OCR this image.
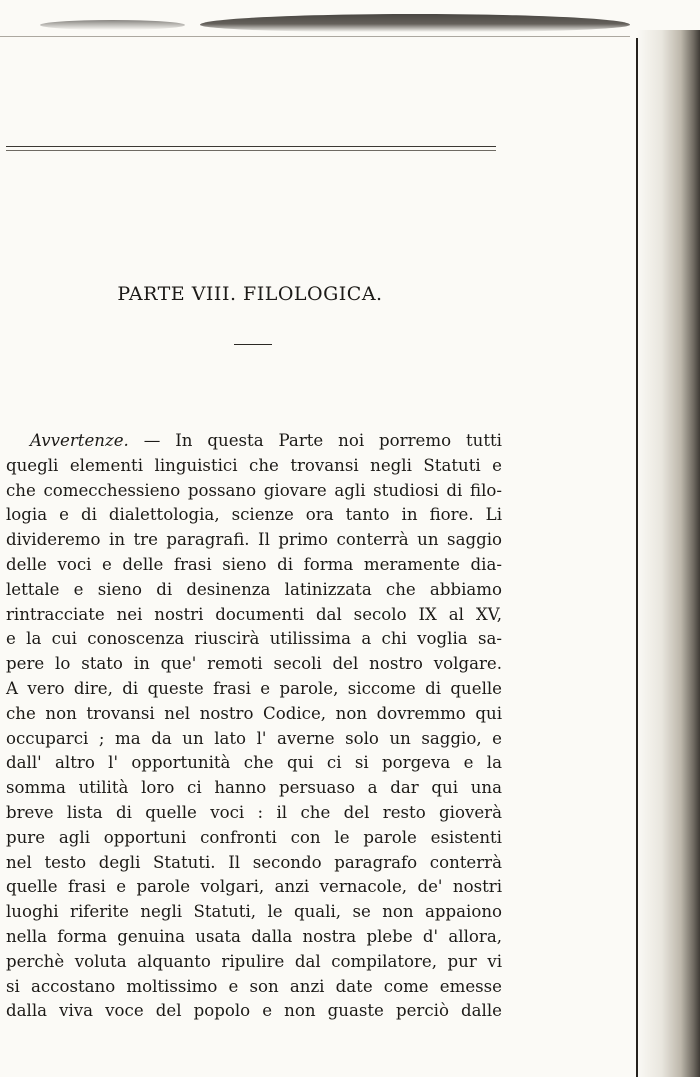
PARTE VIII. FILOLOGICA.
Avvertenze. — In questa Parte noi porremo tutti
quegli elementi linguistici che trovansi negli Statuti e
che comecchessieno possano giovare agli studiosi di filo-
logia e di dialettologia, scienze ora tanto in fiore. Li
divideremo in tre paragrafi. Il primo conterrà un saggio
delle voci e delle frasi sieno di forma meramente dia-
lettale e sieno di desinenza latinizzata che abbiamo
rintracciate nei nostri documenti dal secolo IX al XV,
e la cui conoscenza riuscirà utilissima a chi voglia sa-
pere lo stato in que' remoti secoli del nostro volgare.
A vero dire, di queste frasi e parole, siccome di quelle
che non trovansi nel nostro Codice, non dovremmo qui
occuparci ; ma da un lato l' averne solo un saggio, e
dall' altro l' opportunità che qui ci si porgeva e la
somma utilità loro ci hanno persuaso a dar qui una
breve lista di quelle voci : il che del resto gioverà
pure agli opportuni confronti con le parole esistenti
nel testo degli Statuti. Il secondo paragrafo conterrà
quelle frasi e parole volgari, anzi vernacole, de' nostri
luoghi riferite negli Statuti, le quali, se non appaiono
nella forma genuina usata dalla nostra plebe d' allora,
perchè voluta alquanto ripulire dal compilatore, pur vi
si accostano moltissimo e son anzi date come emesse
dalla viva voce del popolo e non guaste perciò dalle
